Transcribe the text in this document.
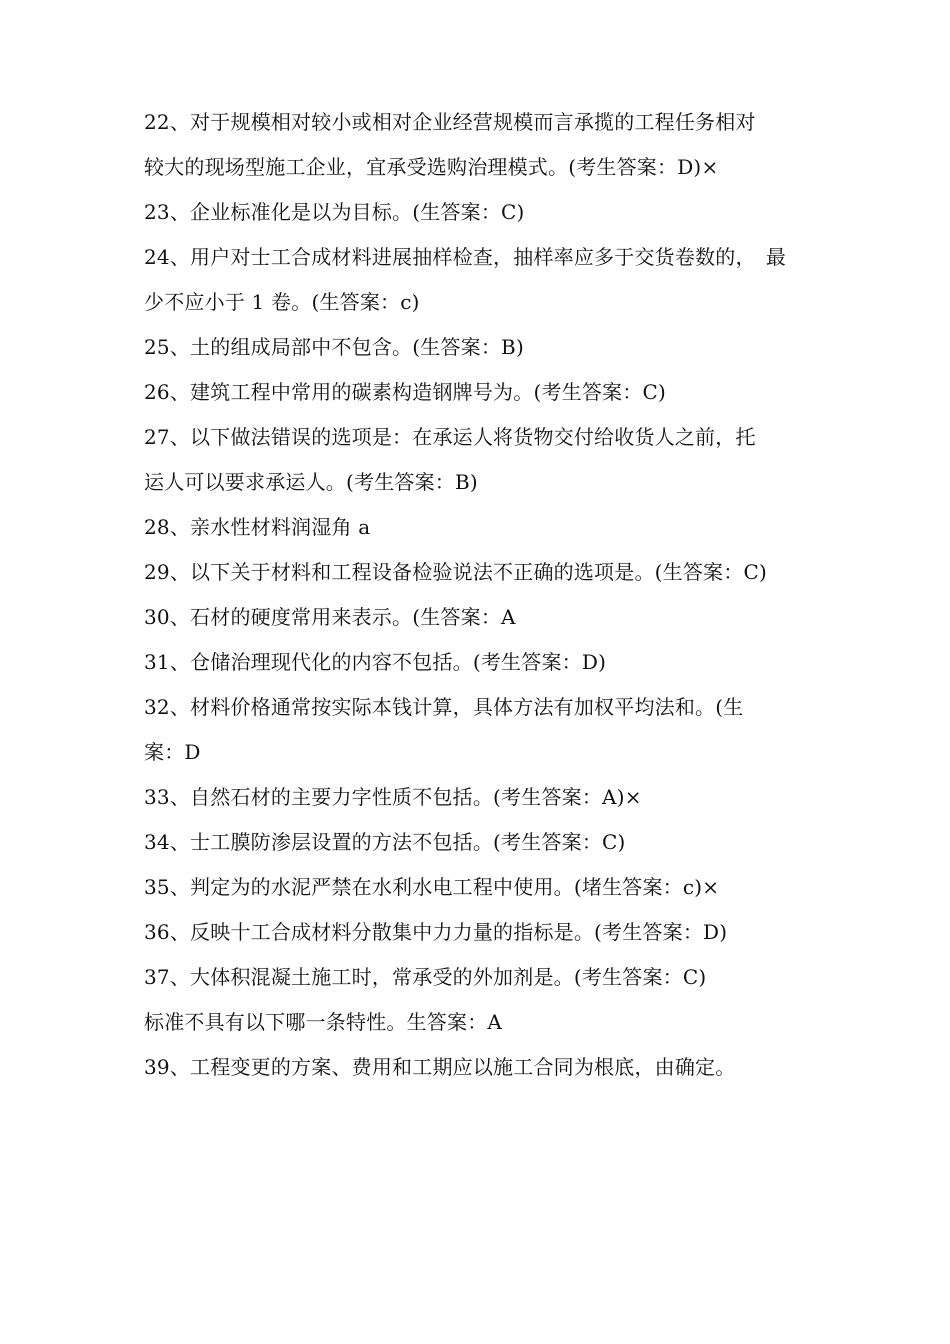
22、对于规模相对较小或相对企业经营规模而言承揽的工程任务相对
较大的现场型施工企业，宜承受选购治理模式。(考生答案：D)×
23、企业标准化是以为目标。(生答案：C)
24、用户对士工合成材料进展抽样检查，抽样率应多于交货卷数的，　最
少不应小于 1 卷。(生答案：c)
25、土的组成局部中不包含。(生答案：B)
26、建筑工程中常用的碳素构造钢牌号为。(考生答案：C)
27、以下做法错误的选项是：在承运人将货物交付给收货人之前，托
运人可以要求承运人。(考生答案：B)
28、亲水性材料润湿角 a
29、以下关于材料和工程设备检验说法不正确的选项是。(生答案：C)
30、石材的硬度常用来表示。(生答案：A
31、仓储治理现代化的内容不包括。(考生答案：D)
32、材料价格通常按实际本钱计算，具体方法有加权平均法和。(生
案：D
33、自然石材的主要力字性质不包括。(考生答案：A)×
34、士工膜防渗层设置的方法不包括。(考生答案：C)
35、判定为的水泥严禁在水利水电工程中使用。(堵生答案：c)×
36、反映十工合成材料分散集中力力量的指标是。(考生答案：D)
37、大体积混凝土施工时，常承受的外加剂是。(考生答案：C)
标准不具有以下哪一条特性。生答案：A
39、工程变更的方案、费用和工期应以施工合同为根底，由确定。
